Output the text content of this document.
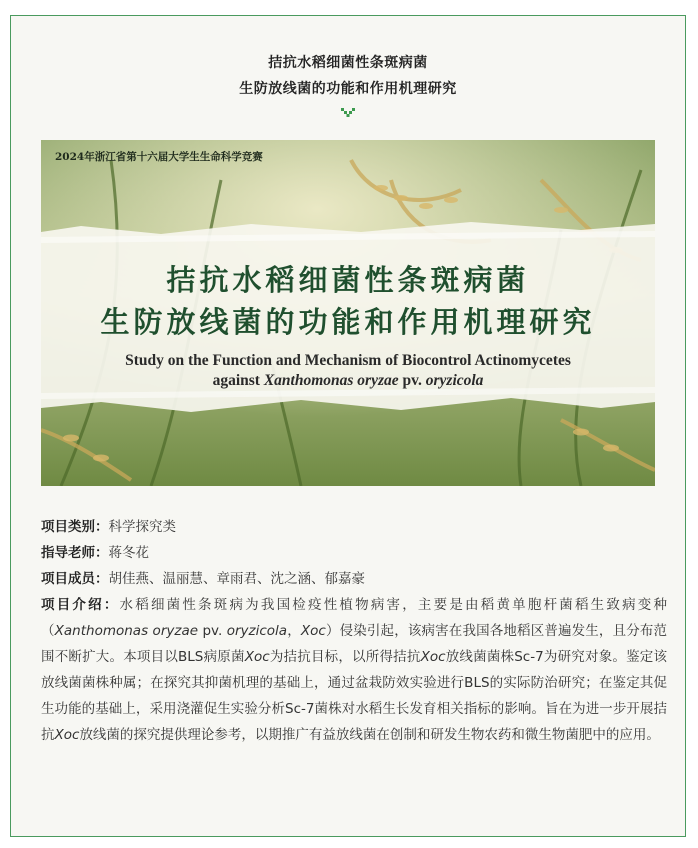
拮抗水稻细菌性条斑病菌
生防放线菌的功能和作用机理研究
2024年浙江省第十六届大学生生命科学竞赛
拮抗水稻细菌性条斑病菌
生防放线菌的功能和作用机理研究
Study on the Function and Mechanism of Biocontrol Actinomycetes
against Xanthomonas oryzae pv. oryzicola
项目类别：科学探究类
指导老师：蒋冬花
项目成员：胡佳燕、温丽慧、章雨君、沈之涵、郁嘉豪
项目介绍：水稻细菌性条斑病为我国检疫性植物病害，主要是由稻黄单胞杆菌稻生致病变种（Xanthomonas oryzae pv. oryzicola，Xoc）侵染引起，该病害在我国各地稻区普遍发生，且分布范围不断扩大。本项目以BLS病原菌Xoc为拮抗目标，以所得拮抗Xoc放线菌菌株Sc-7为研究对象。鉴定该放线菌菌株种属；在探究其抑菌机理的基础上，通过盆栽防效实验进行BLS的实际防治研究；在鉴定其促生功能的基础上，采用浇灌促生实验分析Sc-7菌株对水稻生长发育相关指标的影响。旨在为进一步开展拮抗Xoc放线菌的探究提供理论参考，以期推广有益放线菌在创制和研发生物农药和微生物菌肥中的应用。
